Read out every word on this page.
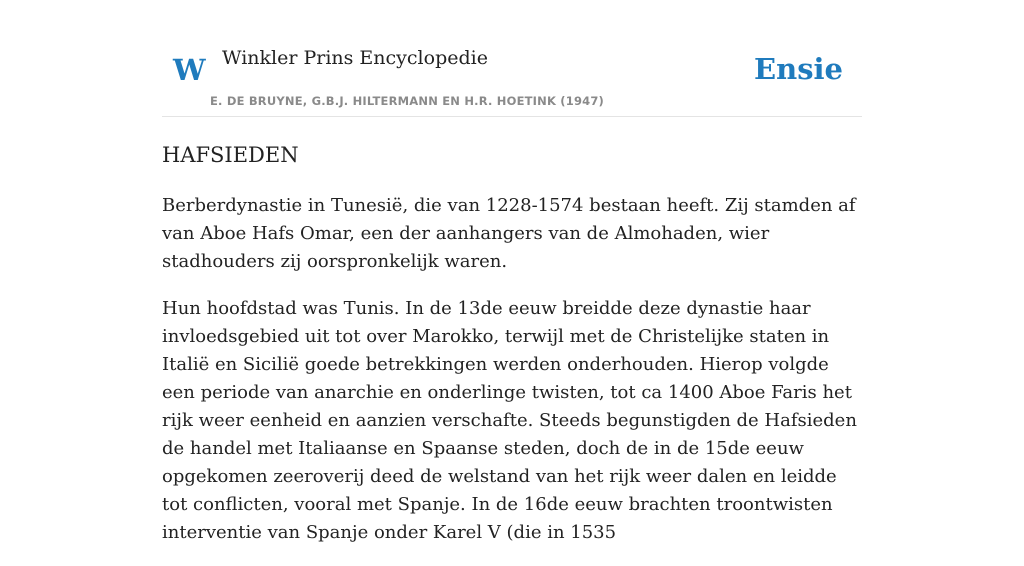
W Winkler Prins Encyclopedie
E. DE BRUYNE, G.B.J. HILTERMANN EN H.R. HOETINK (1947)
Ensie
HAFSIEDEN

Berberdynastie in Tunesië, die van 1228-1574 bestaan heeft. Zij stamden af van Aboe Hafs Omar, een der aanhangers van de Almohaden, wier stadhouders zij oorspronkelijk waren.

Hun hoofdstad was Tunis. In de 13de eeuw breidde deze dynastie haar invloedsgebied uit tot over Marokko, terwijl met de Christelijke staten in Italië en Sicilië goede betrekkingen werden onderhouden. Hierop volgde een periode van anarchie en onderlinge twisten, tot ca 1400 Aboe Faris het rijk weer eenheid en aanzien verschafte. Steeds begunstigden de Hafsieden de handel met Italiaanse en Spaanse steden, doch de in de 15de eeuw opgekomen zeeroverij deed de welstand van het rijk weer dalen en leidde tot conflicten, vooral met Spanje. In de 16de eeuw brachten troontwisten interventie van Spanje onder Karel V (die in 1535
